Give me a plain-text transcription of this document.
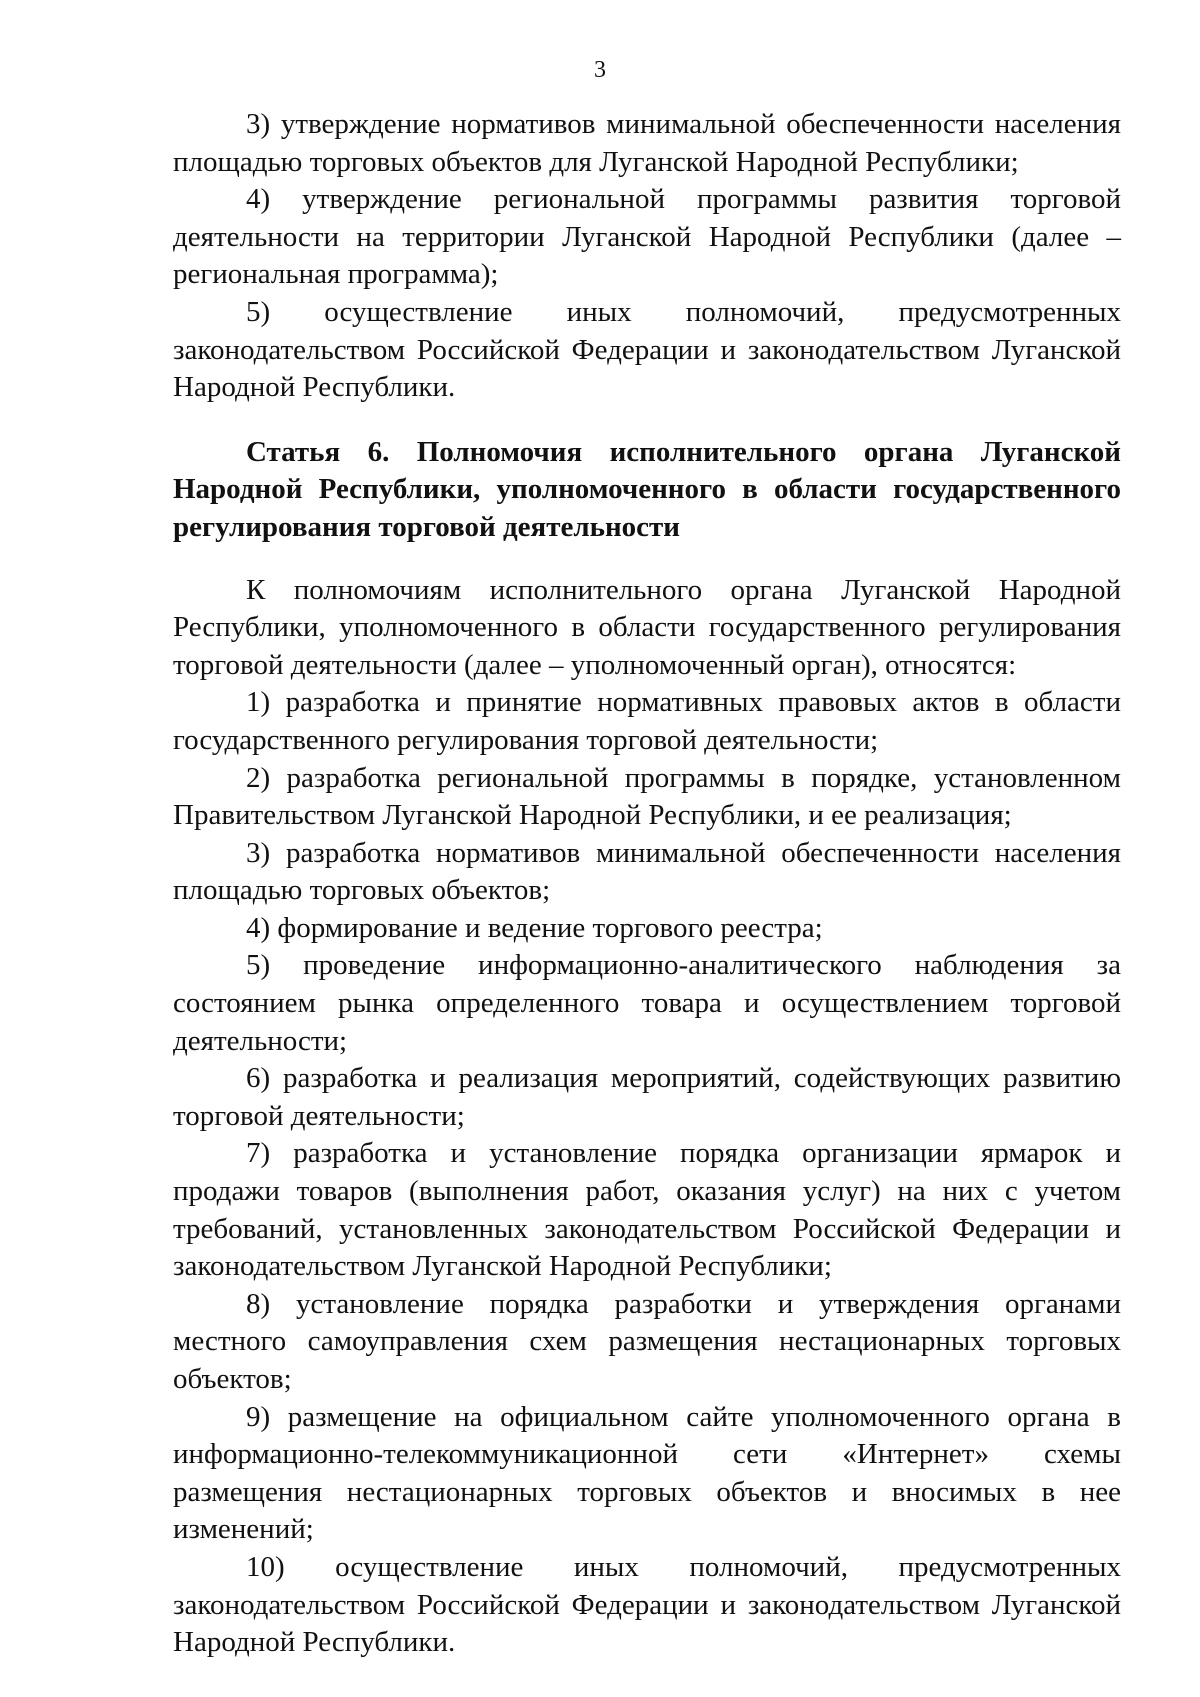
3

3) утверждение нормативов минимальной обеспеченности населения площадью торговых объектов для Луганской Народной Республики;

4) утверждение региональной программы развития торговой деятельности на территории Луганской Народной Республики (далее – региональная программа);

5) осуществление иных полномочий, предусмотренных законодательством Российской Федерации и законодательством Луганской Народной Республики.

Статья 6. Полномочия исполнительного органа Луганской Народной Республики, уполномоченного в области государственного регулирования торговой деятельности

К полномочиям исполнительного органа Луганской Народной Республики, уполномоченного в области государственного регулирования торговой деятельности (далее – уполномоченный орган), относятся:

1) разработка и принятие нормативных правовых актов в области государственного регулирования торговой деятельности;

2) разработка региональной программы в порядке, установленном Правительством Луганской Народной Республики, и ее реализация;

3) разработка нормативов минимальной обеспеченности населения площадью торговых объектов;

4) формирование и ведение торгового реестра;

5) проведение информационно-аналитического наблюдения за состоянием рынка определенного товара и осуществлением торговой деятельности;

6) разработка и реализация мероприятий, содействующих развитию торговой деятельности;

7) разработка и установление порядка организации ярмарок и продажи товаров (выполнения работ, оказания услуг) на них с учетом требований, установленных законодательством Российской Федерации и законодательством Луганской Народной Республики;

8) установление порядка разработки и утверждения органами местного самоуправления схем размещения нестационарных торговых объектов;

9) размещение на официальном сайте уполномоченного органа в информационно-телекоммуникационной сети «Интернет» схемы размещения нестационарных торговых объектов и вносимых в нее изменений;

10) осуществление иных полномочий, предусмотренных законодательством Российской Федерации и законодательством Луганской Народной Республики.
